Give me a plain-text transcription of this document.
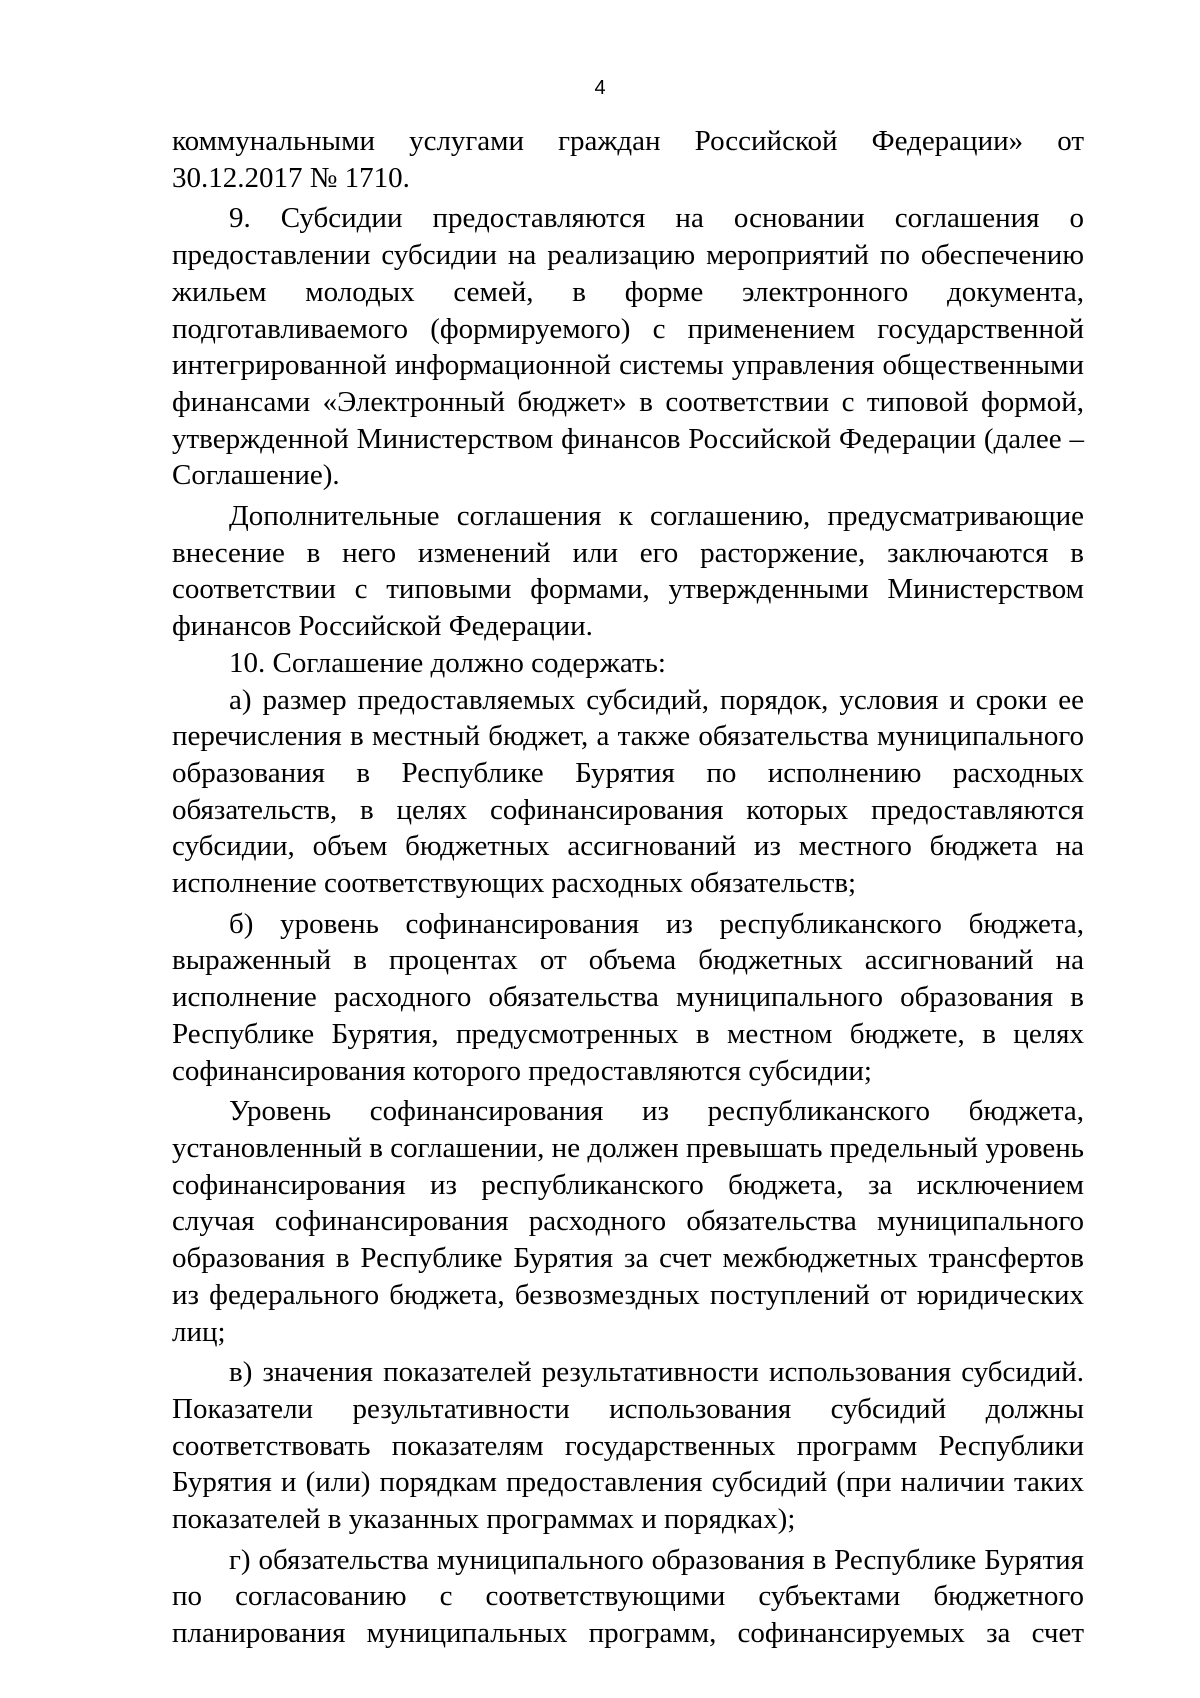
4

коммунальными услугами граждан Российской Федерации» от 30.12.2017 № 1710.

9. Субсидии предоставляются на основании соглашения о предоставлении субсидии на реализацию мероприятий по обеспечению жильем молодых семей, в форме электронного документа, подготавливаемого (формируемого) с применением государственной интегрированной информационной системы управления общественными финансами «Электронный бюджет» в соответствии с типовой формой, утвержденной Министерством финансов Российской Федерации (далее – Соглашение).

Дополнительные соглашения к соглашению, предусматривающие внесение в него изменений или его расторжение, заключаются в соответствии с типовыми формами, утвержденными Министерством финансов Российской Федерации.

10. Соглашение должно содержать:

а) размер предоставляемых субсидий, порядок, условия и сроки ее перечисления в местный бюджет, а также обязательства муниципального образования в Республике Бурятия по исполнению расходных обязательств, в целях софинансирования которых предоставляются субсидии, объем бюджетных ассигнований из местного бюджета на исполнение соответствующих расходных обязательств;

б) уровень софинансирования из республиканского бюджета, выраженный в процентах от объема бюджетных ассигнований на исполнение расходного обязательства муниципального образования в Республике Бурятия, предусмотренных в местном бюджете, в целях софинансирования которого предоставляются субсидии;

Уровень софинансирования из республиканского бюджета, установленный в соглашении, не должен превышать предельный уровень софинансирования из республиканского бюджета, за исключением случая софинансирования расходного обязательства муниципального образования в Республике Бурятия за счет межбюджетных трансфертов из федерального бюджета, безвозмездных поступлений от юридических лиц;

в) значения показателей результативности использования субсидий. Показатели результативности использования субсидий должны соответствовать показателям государственных программ Республики Бурятия и (или) порядкам предоставления субсидий (при наличии таких показателей в указанных программах и порядках);

г) обязательства муниципального образования в Республике Бурятия по согласованию с соответствующими субъектами бюджетного планирования муниципальных программ, софинансируемых за счет
